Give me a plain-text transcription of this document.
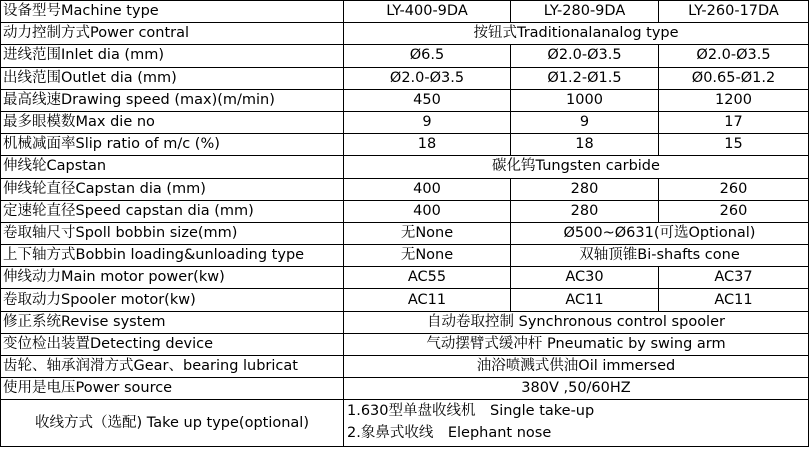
设备型号Machine type	LY-400-9DA	LY-280-9DA	LY-260-17DA
动力控制方式Power contral	按钮式Traditionalanalog type		
进线范围Inlet dia (mm)	Ø6.5	Ø2.0-Ø3.5	Ø2.0-Ø3.5
出线范围Outlet dia (mm)	Ø2.0-Ø3.5	Ø1.2-Ø1.5	Ø0.65-Ø1.2
最高线速Drawing speed (max)(m/min)	450	1000	1200
最多眼模数Max die no	9	9	17
机械减面率Slip ratio of m/c (%)	18	18	15
伸线轮Capstan	碳化钨Tungsten carbide		
伸线轮直径Capstan dia (mm)	400	280	260
定速轮直径Speed capstan dia (mm)	400	280	260
卷取轴尺寸Spoll bobbin size(mm)	无None	Ø500~Ø631(可选Optional)	
上下轴方式Bobbin loading&unloading type	无None	双轴顶锥Bi-shafts cone	
伸线动力Main motor power(kw)	AC55	AC30	AC37
卷取动力Spooler motor(kw)	AC11	AC11	AC11
修正系统Revise system	自动卷取控制 Synchronous control spooler		
变位检出装置Detecting device	气动摆臂式缓冲杆 Pneumatic by swing arm		
齿轮、轴承润滑方式Gear、bearing lubricat	油浴喷溅式供油Oil immersed		
使用是电压Power source	380V ,50/60HZ		
收线方式（选配) Take up type(optional)	1.630型单盘收线机　Single take-up
2.象鼻式收线　Elephant nose		
